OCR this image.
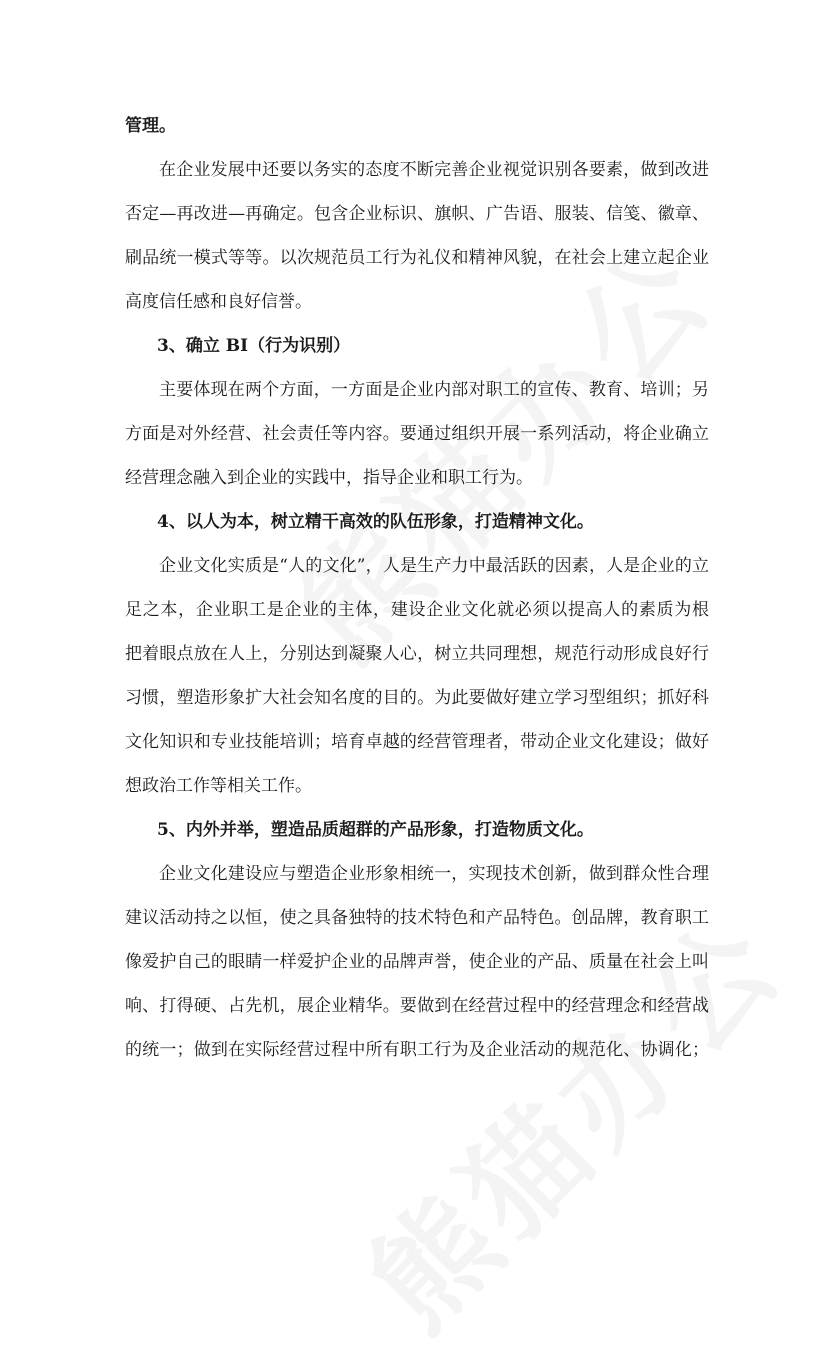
管理。
在企业发展中还要以务实的态度不断完善企业视觉识别各要素，做到改进
否定—再改进—再确定。包含企业标识、旗帜、广告语、服装、信笺、徽章、
刷品统一模式等等。以次规范员工行为礼仪和精神风貌，在社会上建立起企业
高度信任感和良好信誉。
3、确立 BI（行为识别）
主要体现在两个方面，一方面是企业内部对职工的宣传、教育、培训；另
方面是对外经营、社会责任等内容。要通过组织开展一系列活动，将企业确立
经营理念融入到企业的实践中，指导企业和职工行为。
4、以人为本，树立精干高效的队伍形象，打造精神文化。
企业文化实质是“人的文化”，人是生产力中最活跃的因素，人是企业的立
足之本，企业职工是企业的主体，建设企业文化就必须以提高人的素质为根
把着眼点放在人上，分别达到凝聚人心，树立共同理想，规范行动形成良好行
习惯，塑造形象扩大社会知名度的目的。为此要做好建立学习型组织；抓好科
文化知识和专业技能培训；培育卓越的经营管理者，带动企业文化建设；做好
想政治工作等相关工作。
5、内外并举，塑造品质超群的产品形象，打造物质文化。
企业文化建设应与塑造企业形象相统一，实现技术创新，做到群众性合理
建议活动持之以恒，使之具备独特的技术特色和产品特色。创品牌，教育职工
像爱护自己的眼睛一样爱护企业的品牌声誉，使企业的产品、质量在社会上叫
响、打得硬、占先机，展企业精华。要做到在经营过程中的经营理念和经营战
的统一；做到在实际经营过程中所有职工行为及企业活动的规范化、协调化；
